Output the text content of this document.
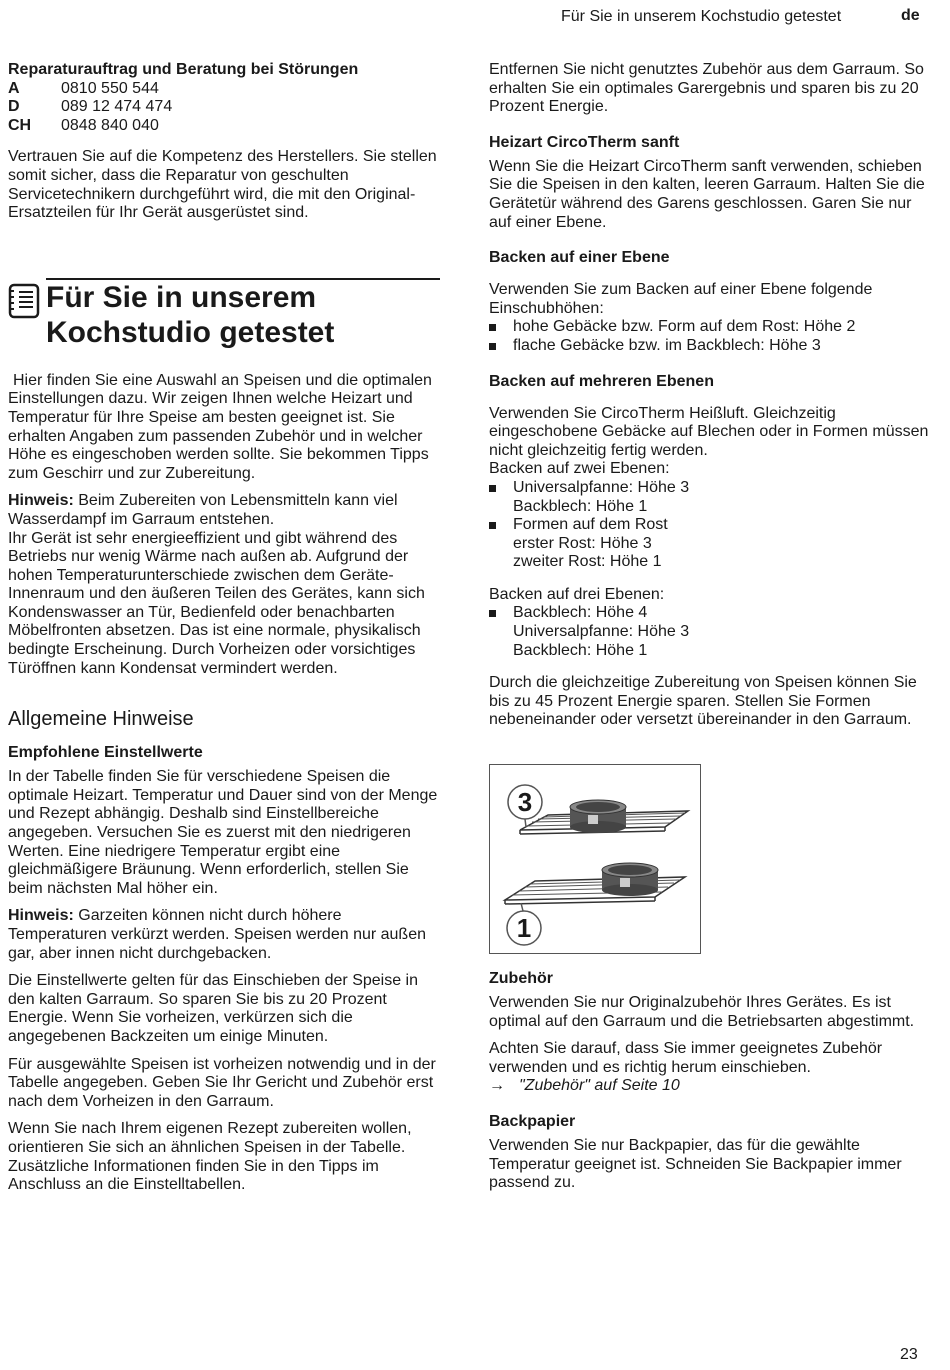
Für Sie in unserem Kochstudio getestet	de

Reparaturauftrag und Beratung bei Störungen

A	0810 550 544
D	089 12 474 474
CH	0848 840 040

Vertrauen Sie auf die Kompetenz des Herstellers. Sie stellen somit sicher, dass die Reparatur von geschulten Servicetechnikern durchgeführt wird, die mit den Original-Ersatzteilen für Ihr Gerät ausgerüstet sind.

Für Sie in unserem
Kochstudio getestet

Hier finden Sie eine Auswahl an Speisen und die optimalen Einstellungen dazu. Wir zeigen Ihnen welche Heizart und Temperatur für Ihre Speise am besten geeignet ist. Sie erhalten Angaben zum passenden Zubehör und in welcher Höhe es eingeschoben werden sollte. Sie bekommen Tipps zum Geschirr und zur Zubereitung.

Hinweis: Beim Zubereiten von Lebensmitteln kann viel Wasserdampf im Garraum entstehen.

Ihr Gerät ist sehr energieeffizient und gibt während des Betriebs nur wenig Wärme nach außen ab. Aufgrund der hohen Temperaturunterschiede zwischen dem Geräte-Innenraum und den äußeren Teilen des Gerätes, kann sich Kondenswasser an Tür, Bedienfeld oder benachbarten Möbelfronten absetzen. Das ist eine normale, physikalisch bedingte Erscheinung. Durch Vorheizen oder vorsichtiges Türöffnen kann Kondensat vermindert werden.

Allgemeine Hinweise

Empfohlene Einstellwerte

In der Tabelle finden Sie für verschiedene Speisen die optimale Heizart. Temperatur und Dauer sind von der Menge und Rezept abhängig. Deshalb sind Einstellbereiche angegeben. Versuchen Sie es zuerst mit den niedrigeren Werten. Eine niedrigere Temperatur ergibt eine gleichmäßigere Bräunung. Wenn erforderlich, stellen Sie beim nächsten Mal höher ein.

Hinweis: Garzeiten können nicht durch höhere Temperaturen verkürzt werden. Speisen werden nur außen gar, aber innen nicht durchgebacken.

Die Einstellwerte gelten für das Einschieben der Speise in den kalten Garraum. So sparen Sie bis zu 20 Prozent Energie. Wenn Sie vorheizen, verkürzen sich die angegebenen Backzeiten um einige Minuten.

Für ausgewählte Speisen ist vorheizen notwendig und in der Tabelle angegeben. Geben Sie Ihr Gericht und Zubehör erst nach dem Vorheizen in den Garraum.

Wenn Sie nach Ihrem eigenen Rezept zubereiten wollen, orientieren Sie sich an ähnlichen Speisen in der Tabelle. Zusätzliche Informationen finden Sie in den Tipps im Anschluss an die Einstelltabellen.

Entfernen Sie nicht genutztes Zubehör aus dem Garraum. So erhalten Sie ein optimales Garergebnis und sparen bis zu 20 Prozent Energie.

Heizart CircoTherm sanft

Wenn Sie die Heizart CircoTherm sanft verwenden, schieben Sie die Speisen in den kalten, leeren Garraum. Halten Sie die Gerätetür während des Garens geschlossen. Garen Sie nur auf einer Ebene.

Backen auf einer Ebene

Verwenden Sie zum Backen auf einer Ebene folgende Einschubhöhen:

hohe Gebäcke bzw. Form auf dem Rost: Höhe 2
flache Gebäcke bzw. im Backblech: Höhe 3

Backen auf mehreren Ebenen

Verwenden Sie CircoTherm Heißluft. Gleichzeitig eingeschobene Gebäcke auf Blechen oder in Formen müssen nicht gleichzeitig fertig werden.

Backen auf zwei Ebenen:

Universalpfanne: Höhe 3
Backblech: Höhe 1
Formen auf dem Rost
erster Rost: Höhe 3
zweiter Rost: Höhe 1

Backen auf drei Ebenen:

Backblech: Höhe 4
Universalpfanne: Höhe 3
Backblech: Höhe 1

Durch die gleichzeitige Zubereitung von Speisen können Sie bis zu 45 Prozent Energie sparen. Stellen Sie Formen nebeneinander oder versetzt übereinander in den Garraum.

3
1

Zubehör

Verwenden Sie nur Originalzubehör Ihres Gerätes. Es ist optimal auf den Garraum und die Betriebsarten abgestimmt.

Achten Sie darauf, dass Sie immer geeignetes Zubehör verwenden und es richtig herum einschieben.

→ "Zubehör" auf Seite 10

Backpapier

Verwenden Sie nur Backpapier, das für die gewählte Temperatur geeignet ist. Schneiden Sie Backpapier immer passend zu.

23
